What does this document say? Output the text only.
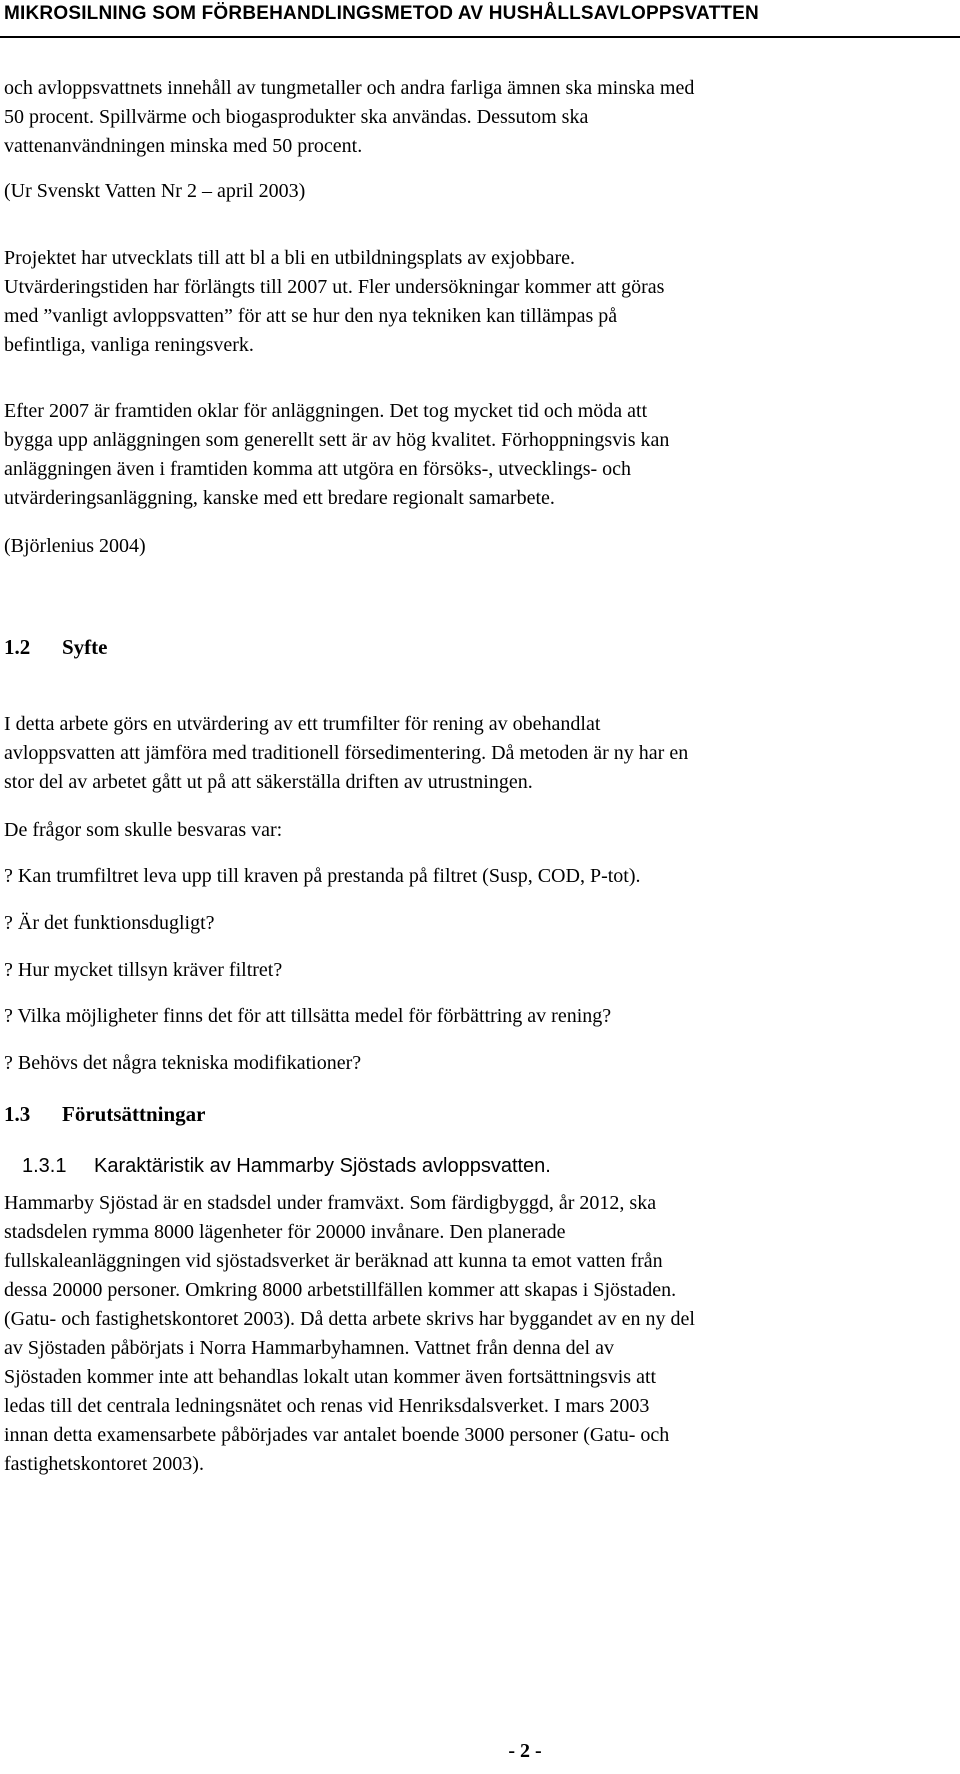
MIKROSILNING SOM FÖRBEHANDLINGSMETOD AV HUSHÅLLSAVLOPPSVATTEN
och avloppsvattnets innehåll av tungmetaller och andra farliga ämnen ska minska med
50 procent. Spillvärme och biogasprodukter ska användas. Dessutom ska
vattenanvändningen minska med 50 procent.
(Ur Svenskt Vatten Nr 2 – april 2003)
Projektet har utvecklats till att bl a bli en utbildningsplats av exjobbare.
Utvärderingstiden har förlängts till 2007 ut. Fler undersökningar kommer att göras
med ”vanligt avloppsvatten” för att se hur den nya tekniken kan tillämpas på
befintliga, vanliga reningsverk.
Efter 2007 är framtiden oklar för anläggningen. Det tog mycket tid och möda att
bygga upp anläggningen som generellt sett är av hög kvalitet. Förhoppningsvis kan
anläggningen även i framtiden komma att utgöra en försöks-, utvecklings- och
utvärderingsanläggning, kanske med ett bredare regionalt samarbete.
(Björlenius 2004)
1.2 Syfte
I detta arbete görs en utvärdering av ett trumfilter för rening av obehandlat
avloppsvatten att jämföra med traditionell försedimentering. Då metoden är ny har en
stor del av arbetet gått ut på att säkerställa driften av utrustningen.
De frågor som skulle besvaras var:
? Kan trumfiltret leva upp till kraven på prestanda på filtret (Susp, COD, P-tot).
? Är det funktionsdugligt?
? Hur mycket tillsyn kräver filtret?
? Vilka möjligheter finns det för att tillsätta medel för förbättring av rening?
? Behövs det några tekniska modifikationer?
1.3 Förutsättningar
1.3.1 Karaktäristik av Hammarby Sjöstads avloppsvatten.
Hammarby Sjöstad är en stadsdel under framväxt. Som färdigbyggd, år 2012, ska
stadsdelen rymma 8000 lägenheter för 20000 invånare. Den planerade
fullskaleanläggningen vid sjöstadsverket är beräknad att kunna ta emot vatten från
dessa 20000 personer. Omkring 8000 arbetstillfällen kommer att skapas i Sjöstaden.
(Gatu- och fastighetskontoret 2003). Då detta arbete skrivs har byggandet av en ny del
av Sjöstaden påbörjats i Norra Hammarbyhamnen. Vattnet från denna del av
Sjöstaden kommer inte att behandlas lokalt utan kommer även fortsättningsvis att
ledas till det centrala ledningsnätet och renas vid Henriksdalsverket. I mars 2003
innan detta examensarbete påbörjades var antalet boende 3000 personer (Gatu- och
fastighetskontoret 2003).
- 2 -
